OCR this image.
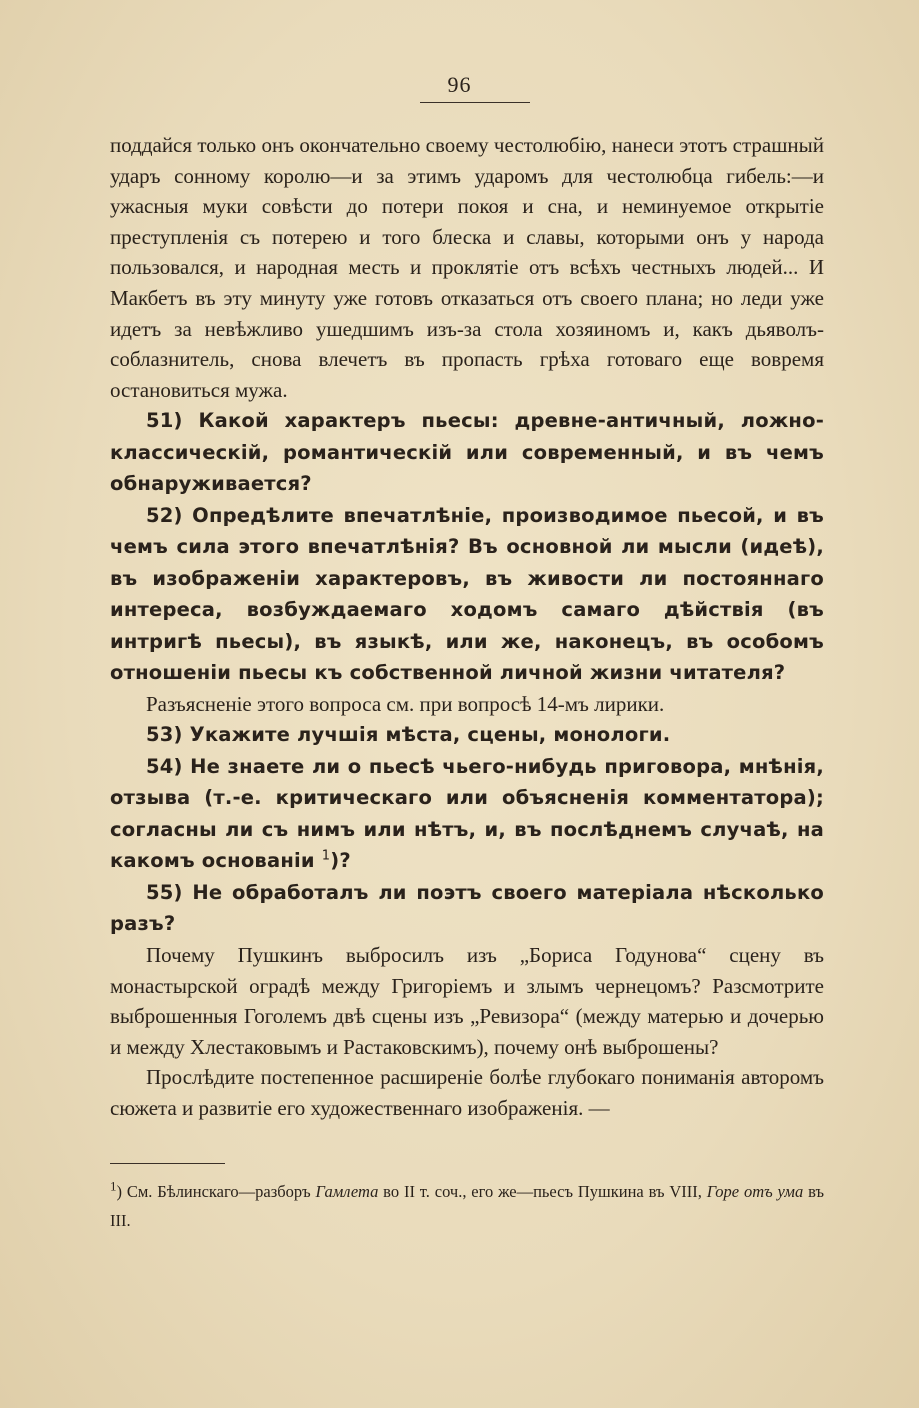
96

поддайся только онъ окончательно своему честолюбію, нанеси этотъ страшный ударъ сонному королю—и за этимъ ударомъ для честолюбца гибель:—и ужасныя муки совѣсти до потери покоя и сна, и неминуемое открытіе преступленія съ потерею и того блеска и славы, которыми онъ у народа пользовался, и народная месть и проклятіе отъ всѣхъ честныхъ людей... И Макбетъ въ эту минуту уже готовъ отказаться отъ своего плана; но леди уже идетъ за невѣжливо ушедшимъ изъ-за стола хозяиномъ и, какъ дьяволъ-соблазнитель, снова влечетъ въ пропасть грѣха готоваго еще вовремя остановиться мужа.

51) Какой характеръ пьесы: древне-античный, ложно-классическій, романтическій или современный, и въ чемъ обнаруживается?

52) Опредѣлите впечатлѣніе, производимое пьесой, и въ чемъ сила этого впечатлѣнія? Въ основной ли мысли (идеѣ), въ изображеніи характеровъ, въ живости ли постояннаго интереса, возбуждаемаго ходомъ самаго дѣйствія (въ интригѣ пьесы), въ языкѣ, или же, наконецъ, въ особомъ отношеніи пьесы къ собственной личной жизни читателя?

Разъясненіе этого вопроса см. при вопросѣ 14-мъ лирики.

53) Укажите лучшія мѣста, сцены, монологи.

54) Не знаете ли о пьесѣ чьего-нибудь приговора, мнѣнія, отзыва (т.-е. критическаго или объясненія комментатора); согласны ли съ нимъ или нѣтъ, и, въ послѣднемъ случаѣ, на какомъ основаніи $^1$)?

55) Не обработалъ ли поэтъ своего матеріала нѣсколько разъ?

Почему Пушкинъ выбросилъ изъ „Бориса Годунова“ сцену въ монастырской оградѣ между Григоріемъ и злымъ чернецомъ? Разсмотрите выброшенныя Гоголемъ двѣ сцены изъ „Ревизора“ (между матерью и дочерью и между Хлестаковымъ и Растаковскимъ), почему онѣ выброшены?

Прослѣдите постепенное расширеніе болѣе глубокаго пониманія авторомъ сюжета и развитіе его художественнаго изображенія. —

$^1$) См. Бѣлинскаго—разборъ Гамлета во II т. соч., его же—пьесъ Пушкина въ VIII, Горе отъ ума въ III.
